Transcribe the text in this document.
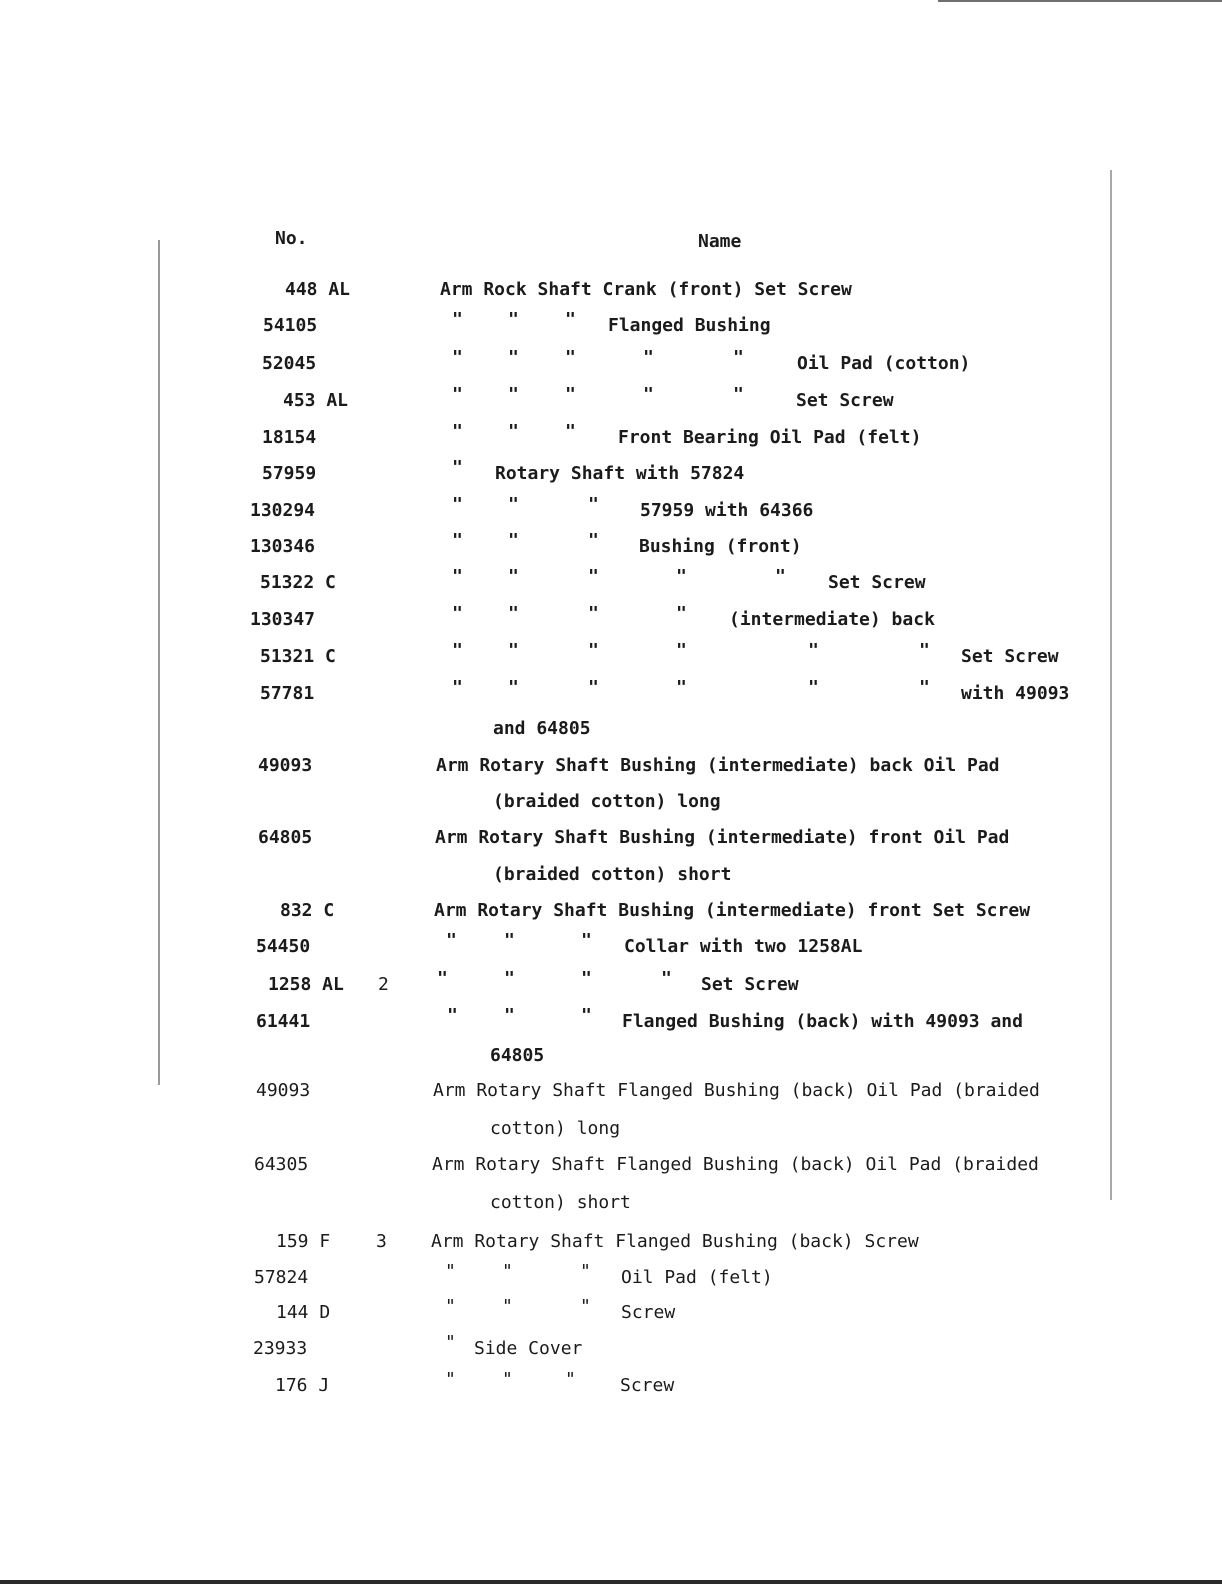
No.	Name
448 AL	Arm Rock Shaft Crank (front) Set Screw
54105	"	"	" Flanged Bushing
52045	"	"	"	"	"	Oil Pad (cotton)
453 AL	"	"	"	"	"	Set Screw
18154	"	"	" Front Bearing Oil Pad (felt)
57959	" Rotary Shaft with 57824
130294	"	"	" 57959 with 64366
130346	"	"	" Bushing (front)
51322 C	"	"	"	"	" Set Screw
130347	"	"	"	" (intermediate) back
51321 C	"	"	"	"	"	" Set Screw
57781	"	"	"	"	"	" with 49093
and 64805
49093	Arm Rotary Shaft Bushing (intermediate) back Oil Pad
(braided cotton) long
64805	Arm Rotary Shaft Bushing (intermediate) front Oil Pad
(braided cotton) short
832 C	Arm Rotary Shaft Bushing (intermediate) front Set Screw
54450	"	"	" Collar with two 1258AL
1258 AL 2	"	"	"	" Set Screw
61441	"	"	" Flanged Bushing (back) with 49093 and
64805
49093	Arm Rotary Shaft Flanged Bushing (back) Oil Pad (braided
cotton) long
64305	Arm Rotary Shaft Flanged Bushing (back) Oil Pad (braided
cotton) short
159 F	3 Arm Rotary Shaft Flanged Bushing (back) Screw
57824	"	"	" Oil Pad (felt)
144 D	"	"	" Screw
23933	" Side Cover
176 J	"	"	" Screw
